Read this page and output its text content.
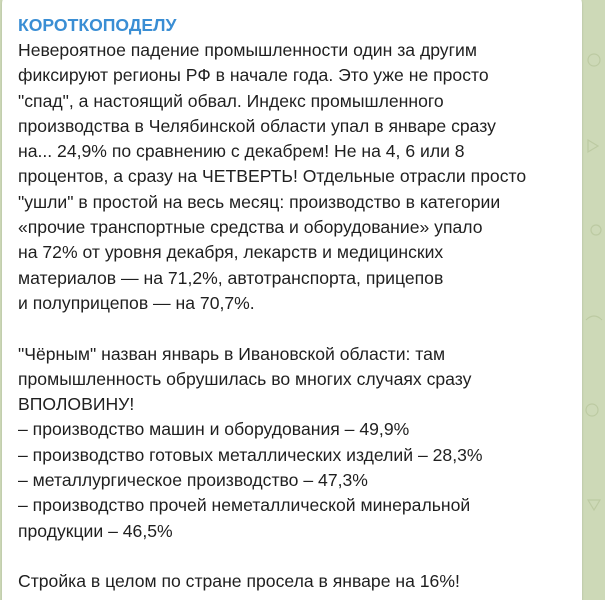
КОРОТКОПОДЕЛУ
Невероятное падение промышленности один за другим
фиксируют регионы РФ в начале года. Это уже не просто
"спад", а настоящий обвал. Индекс промышленного
производства в Челябинской области упал в январе сразу
на... 24,9% по сравнению с декабрем! Не на 4, 6 или 8
процентов, а сразу на ЧЕТВЕРТЬ! Отдельные отрасли просто
"ушли" в простой на весь месяц: производство в категории
«прочие транспортные средства и оборудование» упало
на 72% от уровня декабря, лекарств и медицинских
материалов — на 71,2%, автотранспорта, прицепов
и полуприцепов — на 70,7%.
"Чёрным" назван январь в Ивановской области: там
промышленность обрушилась во многих случаях сразу
ВПОЛОВИНУ!
– производство машин и оборудования – 49,9%
– производство готовых металлических изделий – 28,3%
– металлургическое производство – 47,3%
– производство прочей неметаллической минеральной
продукции – 46,5%
Стройка в целом по стране просела в январе на 16%!
